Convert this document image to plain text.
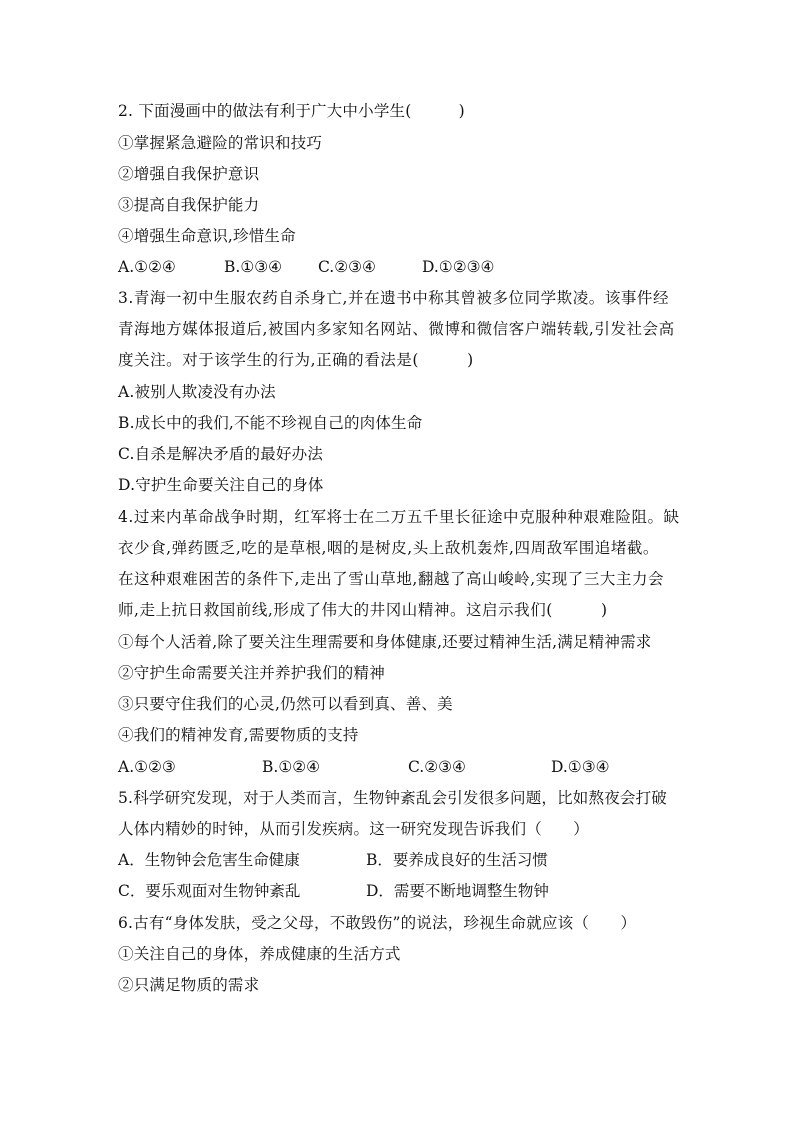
2. 下面漫画中的做法有利于广大中小学生(　　　)
①掌握紧急避险的常识和技巧
②增强自我保护意识
③提高自我保护能力
④增强生命意识,珍惜生命
A.①②④	B.①③④ C.②③④	D.①②③④
3.青海一初中生服农药自杀身亡,并在遗书中称其曾被多位同学欺凌。该事件经
青海地方媒体报道后,被国内多家知名网站、微博和微信客户端转载,引发社会高
度关注。对于该学生的行为,正确的看法是(　　　)
A.被别人欺凌没有办法
B.成长中的我们,不能不珍视自己的肉体生命
C.自杀是解决矛盾的最好办法
D.守护生命要关注自己的身体
4.过来内革命战争时期，红军将士在二万五千里长征途中克服种种艰难险阻。缺
衣少食,弹药匮乏,吃的是草根,咽的是树皮,头上敌机轰炸,四周敌军围追堵截。
在这种艰难困苦的条件下,走出了雪山草地,翻越了高山峻岭,实现了三大主力会
师,走上抗日救国前线,形成了伟大的井冈山精神。这启示我们(　　　)
①每个人活着,除了要关注生理需要和身体健康,还要过精神生活,满足精神需求
②守护生命需要关注并养护我们的精神
③只要守住我们的心灵,仍然可以看到真、善、美
④我们的精神发育,需要物质的支持
A.①②③	B.①②④	C.②③④	D.①③④
5.科学研究发现，对于人类而言，生物钟紊乱会引发很多问题，比如熬夜会打破
人体内精妙的时钟，从而引发疾病。这一研究发现告诉我们（　　）
A．生物钟会危害生命健康	B．要养成良好的生活习惯
C．要乐观面对生物钟紊乱	D．需要不断地调整生物钟
6.古有“身体发肤，受之父母，不敢毁伤”的说法，珍视生命就应该（　　）
①关注自己的身体，养成健康的生活方式
②只满足物质的需求
